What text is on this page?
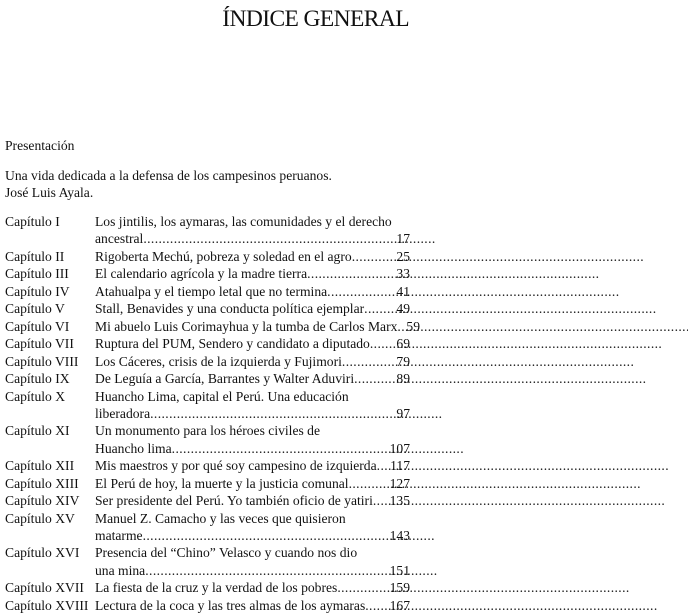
ÍNDICE GENERAL
Presentación
Una vida dedicada a la defensa de los campesinos peruanos.
José Luis Ayala.
Capítulo I	Los jintilis, los aymaras, las comunidades y el derecho
ancestral . . .	17
Capítulo II	Rigoberta Mechú, pobreza y soledad en el agro . . .	25
Capítulo III	El calendario agrícola y la madre tierra . . .	33
Capítulo IV	Atahualpa y el tiempo letal que no termina . . .	41
Capítulo V	Stall, Benavides y una conducta política ejemplar . . . 49
Capítulo VI	Mi abuelo Luis Corimayhua y la tumba de Carlos Marx . . . 59
Capítulo VII	Ruptura del PUM, Sendero y candidato a diputado . . . 69
Capítulo VIII	Los Cáceres, crisis de la izquierda y Fujimori . . .	79
Capítulo IX	De Leguía a García, Barrantes y Walter Aduviri . . .	89
Capítulo X	Huancho Lima, capital el Perú. Una educación
liberadora . . .	97
Capítulo XI	Un monumento para los héroes civiles de
Huancho lima . . .	107
Capítulo XII	Mis maestros y por qué soy campesino de izquierda . . . 117
Capítulo XIII	El Perú de hoy, la muerte y la justicia comunal . . .	127
Capítulo XIV	Ser presidente del Perú. Yo también oficio de yatiri . . . 135
Capítulo XV	Manuel Z. Camacho y las veces que quisieron
matarme . . .	143
Capítulo XVI	Presencia del “Chino” Velasco y cuando nos dio
una mina . . .	151
Capítulo XVII La fiesta de la cruz y la verdad de los pobres . . .	159
Capítulo XVIII Lectura de la coca y las tres almas de los aymaras . . . 167
